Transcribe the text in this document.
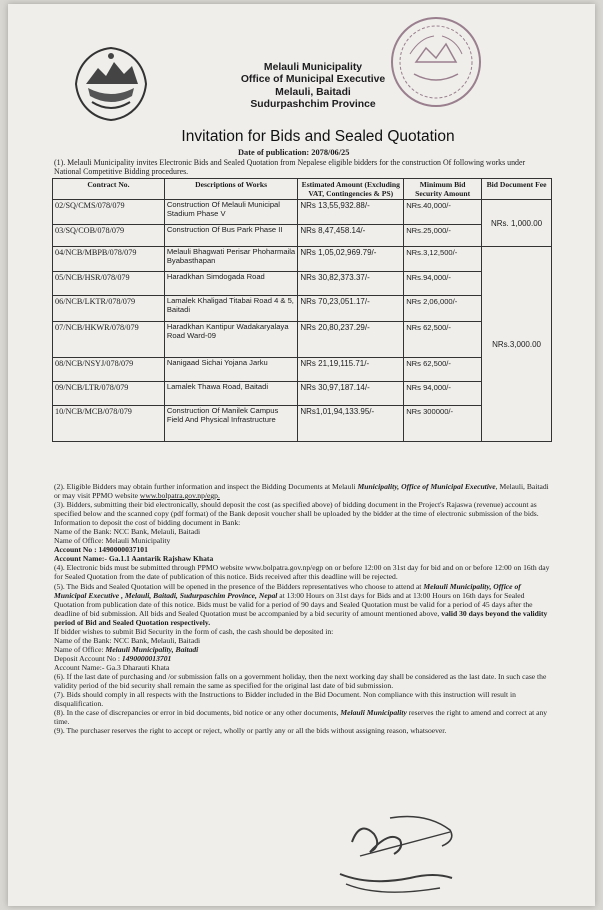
Melauli Municipality
Office of Municipal Executive
Melauli, Baitadi
Sudurpashchim Province
Invitation for Bids and Sealed Quotation
Date of publication: 2078/06/25
(1). Melauli Municipality invites Electronic Bids and Sealed Quotation from Nepalese eligible bidders for the construction Of following works under National Competitive Bidding procedures.
Contract No.	Descriptions of Works	Estimated Amount (Excluding VAT, Contingencies & PS)	Minimum Bid Security Amount	Bid Document Fee
02/SQ/CMS/078/079	Construction Of Melauli Municipal Stadium Phase V	NRs 13,55,932.88/-	NRs.40,000/-	NRs. 1,000.00
03/SQ/COB/078/079	Construction Of Bus Park Phase II	NRs 8,47,458.14/-	NRs.25,000/-	
04/NCB/MBPB/078/079	Melauli Bhagwati Perisar Phoharmaila Byabasthapan	NRs 1,05,02,969.79/-	NRs.3,12,500/-	NRs.3,000.00
05/NCB/HSR/078/079	Haradkhan Simdogada Road	NRs 30,82,373.37/-	NRs.94,000/-	
06/NCB/LKTR/078/079	Lamalek Khaligad Titabai Road 4 & 5, Baitadi	NRs 70,23,051.17/-	NRs 2,06,000/-	
07/NCB/HKWR/078/079	Haradkhan Kantipur Wadakaryalaya Road Ward-09	NRs 20,80,237.29/-	NRs 62,500/-	
08/NCB/NSYJ/078/079	Nanigaad Sichai Yojana Jarku	NRs 21,19,115.71/-	NRs 62,500/-	
09/NCB/LTR/078/079	Lamalek Thawa Road, Baitadi	NRs 30,97,187.14/-	NRs 94,000/-	
10/NCB/MCB/078/079	Construction Of Manilek Campus Field And Physical Infrastructure	NRs1,01,94,133.95/-	NRs 300000/-	

(2). Eligible Bidders may obtain further information and inspect the Bidding Documents at Melauli Municipality, Office of Municipal Executive, Melauli, Baitadi or may visit PPMO website www.bolpatra.gov.np/egp.

(3). Bidders, submitting their bid electronically, should deposit the cost (as specified above) of bidding document in the Project's Rajaswa (revenue) account as specified below and the scanned copy (pdf format) of the Bank deposit voucher shall be uploaded by the bidder at the time of electronic submission of the bids.

Information to deposit the cost of bidding document in Bank:

Name of the Bank: NCC Bank, Melauli, Baitadi

Name of Office: Melauli Municipality

Account No : 1490000037101

Account Name:- Ga.1.1 Aantarik Rajshaw Khata

(4). Electronic bids must be submitted through PPMO website www.bolpatra.gov.np/egp on or before 12:00 on 31st day for bid and on or before 12:00 on 16th day for Sealed Quotation from the date of publication of this notice. Bids received after this deadline will be rejected.

(5). The Bids and Sealed Quotation will be opened in the presence of the Bidders representatives who choose to attend at Melauli Municipality, Office of Municipal Executive , Melauli, Baitadi, Sudurpaschim Province, Nepal at 13:00 Hours on 31st days for Bids and at 13:00 Hours on 16th days for Sealed Quotation from publication date of this notice. Bids must be valid for a period of 90 days and Sealed Quotation must be valid for a period of 45 days after the deadline of bid submission. All bids and Sealed Quotation must be accompanied by a bid security of amount mentioned above, valid 30 days beyond the validity period of Bid and Sealed Quotation respectively.

If bidder wishes to submit Bid Security in the form of cash, the cash should be deposited in:

Name of the Bank: NCC Bank, Melauli, Baitadi

Name of Office: Melauli Municipality, Baitadi

Deposit Account No : 1490000013701

Account Name:- Ga.3 Dharauti Khata

(6). If the last date of purchasing and /or submission falls on a government holiday, then the next working day shall be considered as the last date. In such case the validity period of the bid security shall remain the same as specified for the original last date of bid submission.

(7). Bids should comply in all respects with the Instructions to Bidder included in the Bid Document. Non compliance with this instruction will result in disqualification.

(8). In the case of discrepancies or error in bid documents, bid notice or any other documents, Melauli Municipality reserves the right to amend and correct at any time.

(9). The purchaser reserves the right to accept or reject, wholly or partly any or all the bids without assigning reason, whatsoever.
